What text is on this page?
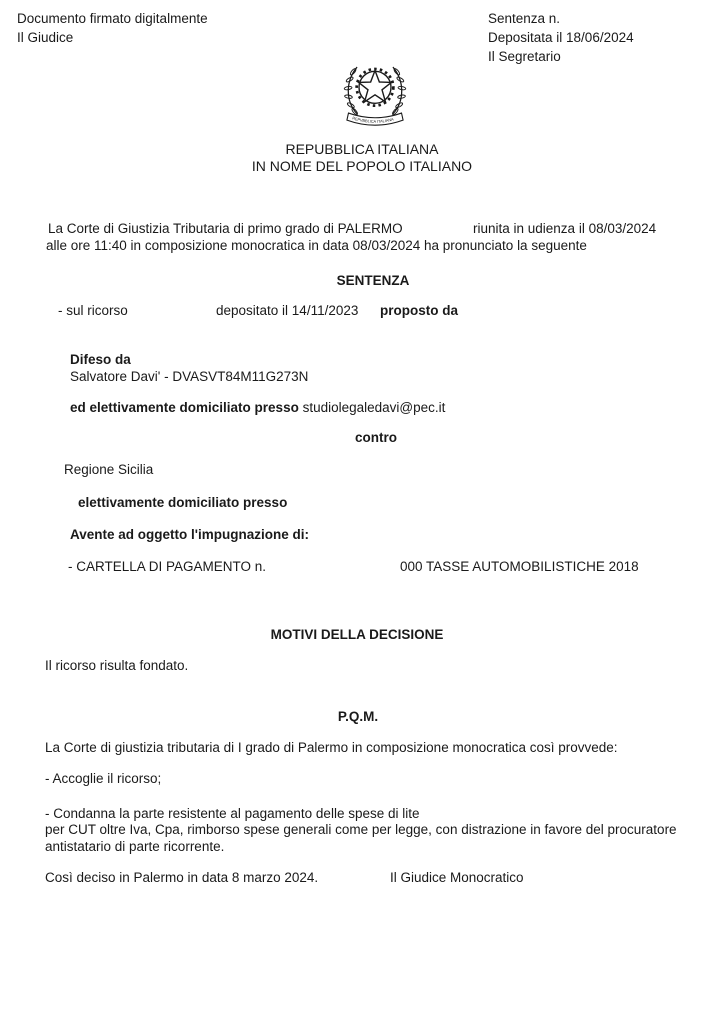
Documento firmato digitalmente
Il Giudice
Sentenza n.
Depositata il 18/06/2024
Il Segretario
REPVBBLICA ITALIANA
REPUBBLICA ITALIANA
IN NOME DEL POPOLO ITALIANO
La Corte di Giustizia Tributaria di primo grado di PALERMO	riunita in udienza il 08/03/2024
alle ore 11:40 in composizione monocratica in data 08/03/2024 ha pronunciato la seguente
SENTENZA
- sul ricorso	depositato il 14/11/2023 proposto da
Difeso da
Salvatore Davi' - DVASVT84M11G273N
ed elettivamente domiciliato presso studiolegaledavi@pec.it
contro
Regione Sicilia
elettivamente domiciliato presso
Avente ad oggetto l'impugnazione di:
- CARTELLA DI PAGAMENTO n.	000 TASSE AUTOMOBILISTICHE 2018
MOTIVI DELLA DECISIONE
Il ricorso risulta fondato.
P.Q.M.
La Corte di giustizia tributaria di I grado di Palermo in composizione monocratica così provvede:
- Accoglie il ricorso;
- Condanna la parte resistente al pagamento delle spese di lite
per CUT oltre Iva, Cpa, rimborso spese generali come per legge, con distrazione in favore del procuratore antistatario di parte ricorrente.
Così deciso in Palermo in data 8 marzo 2024.	Il Giudice Monocratico
